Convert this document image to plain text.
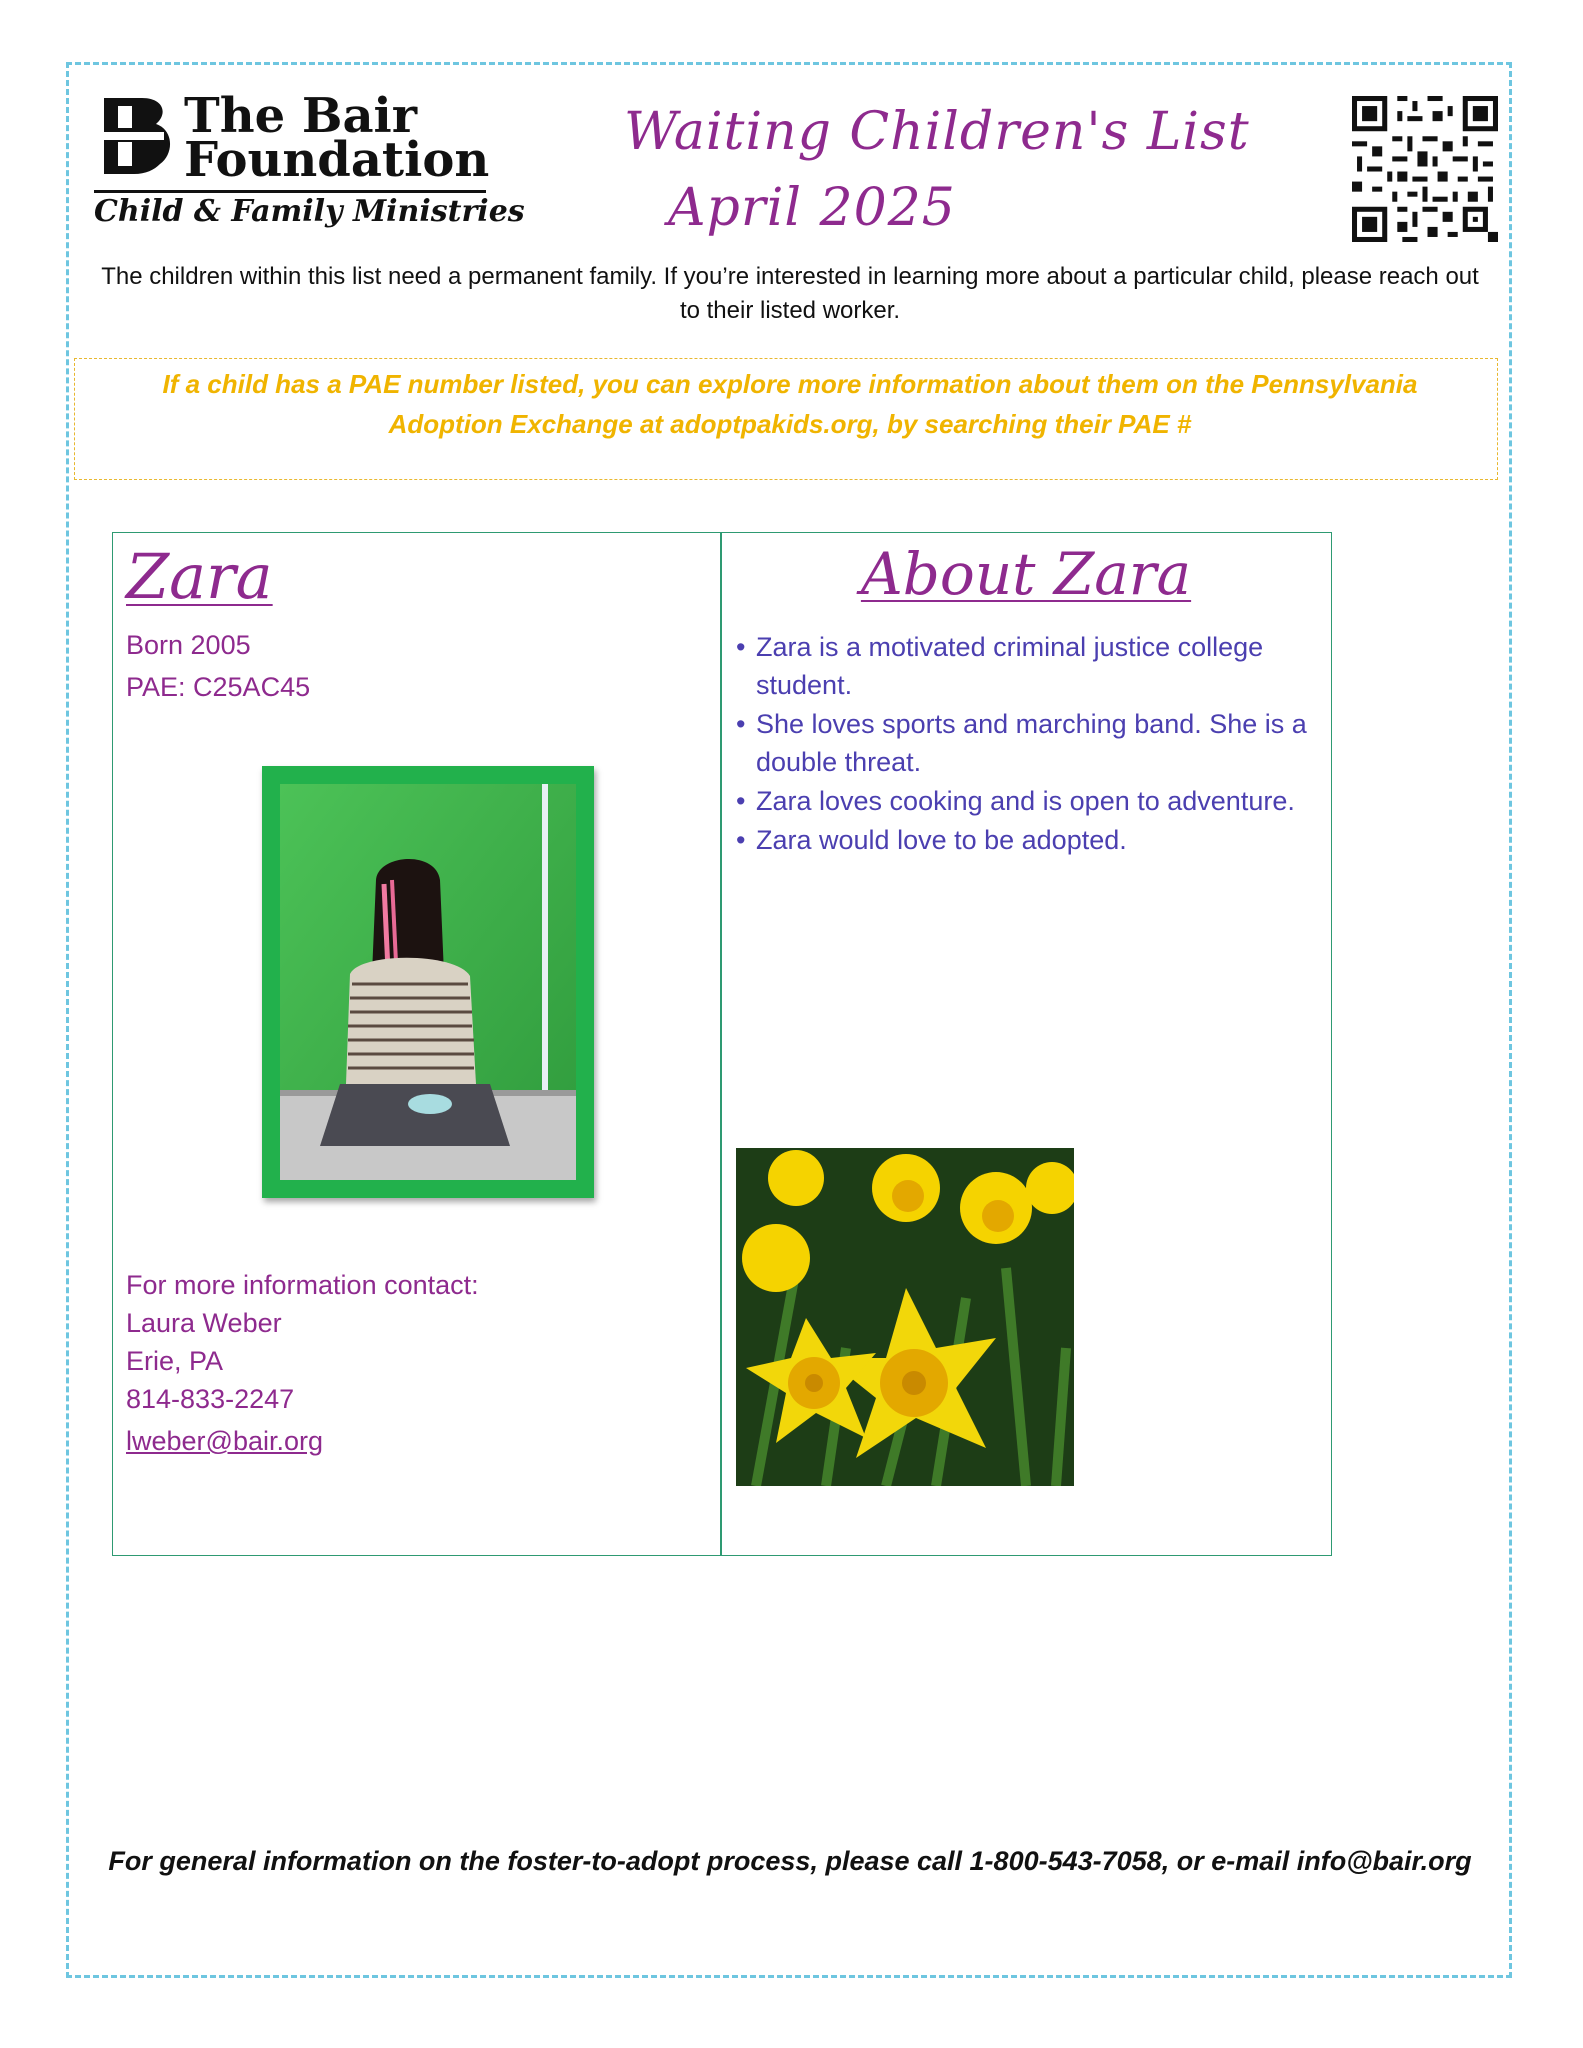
The Bair
Foundation
Child & Family Ministries
Waiting Children's List
April 2025
The children within this list need a permanent family. If you’re interested in learning more about a particular child, please reach out to their listed worker.
If a child has a PAE number listed, you can explore more information about them on the Pennsylvania Adoption Exchange at adoptpakids.org, by searching their PAE #
Zara
Born 2005
PAE: C25AC45
For more information contact:
Laura Weber
Erie, PA
814-833-2247
lweber@bair.org
About Zara
• Zara is a motivated criminal justice college student.
• She loves sports and marching band. She is a double threat.
• Zara loves cooking and is open to adventure.
• Zara would love to be adopted.
For general information on the foster-to-adopt process, please call 1-800-543-7058, or e-mail info@bair.org
